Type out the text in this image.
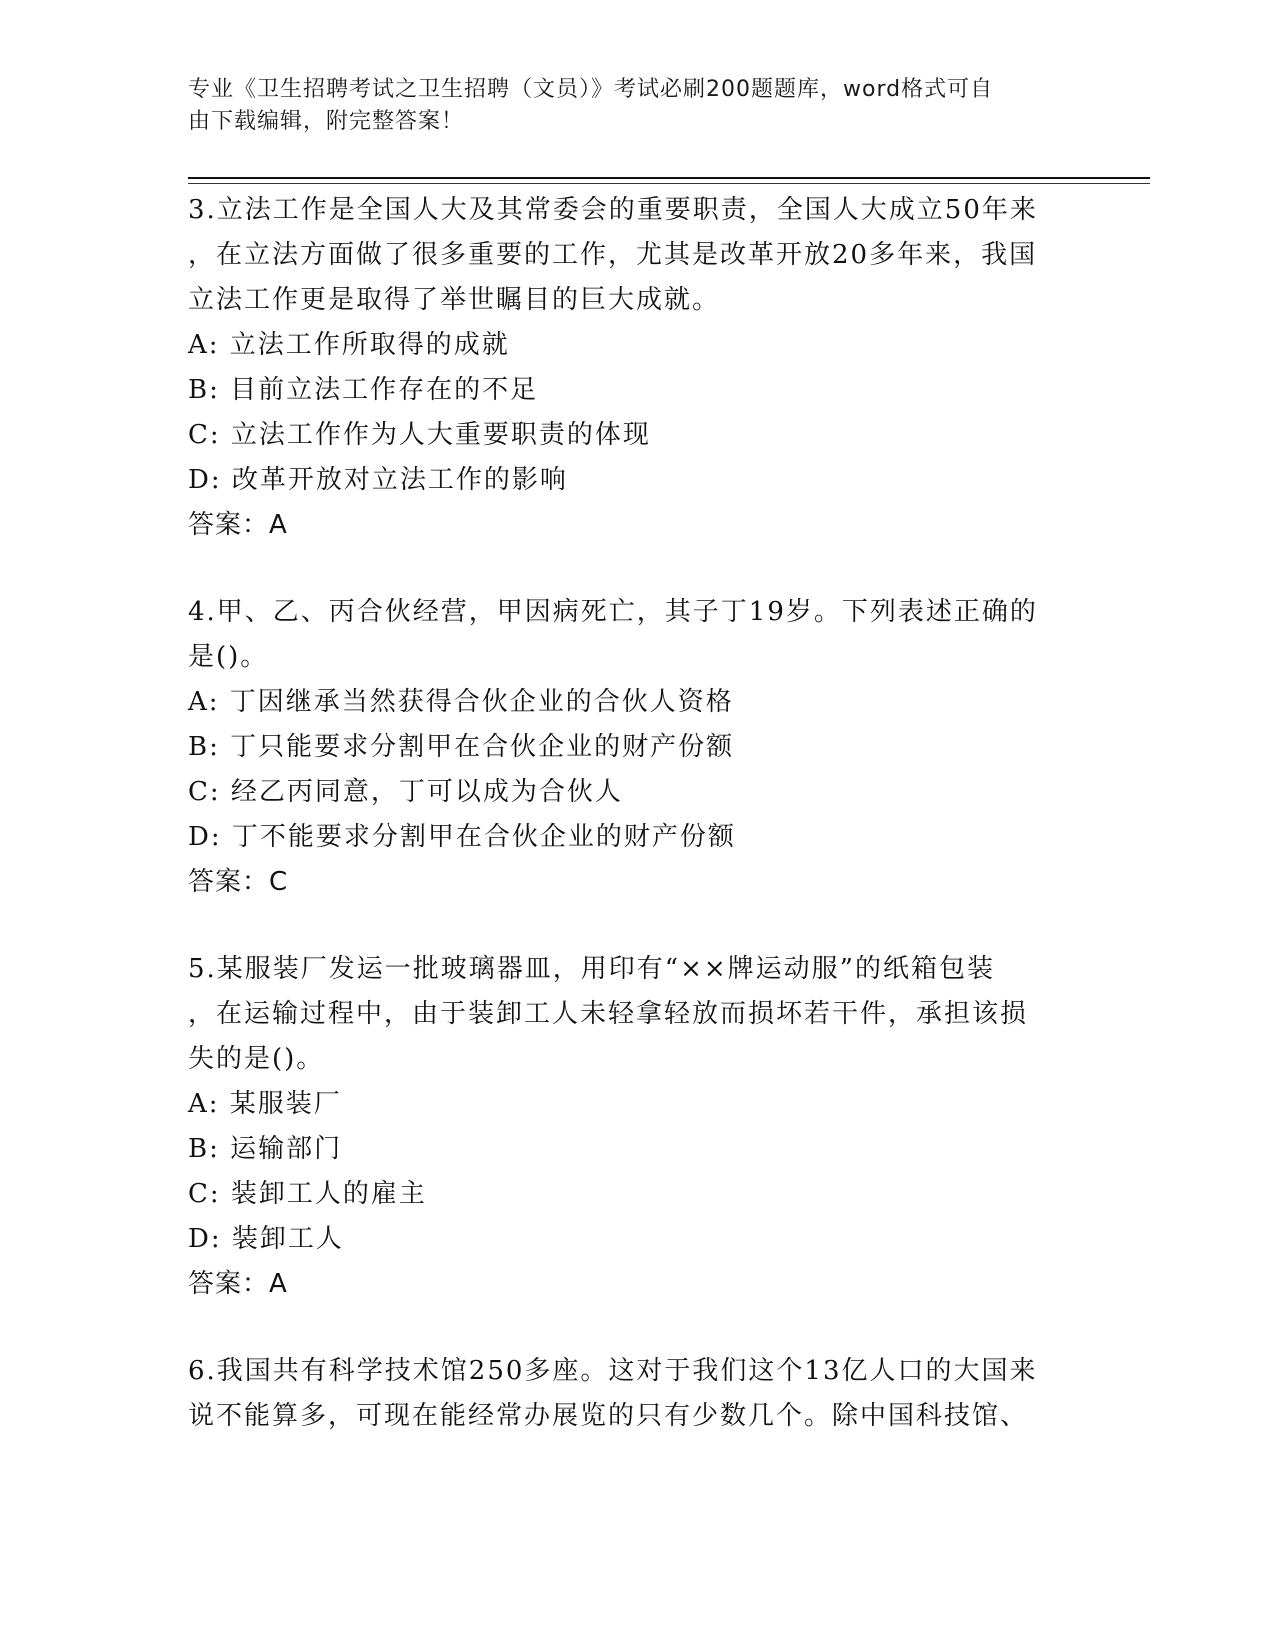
专业《卫生招聘考试之卫生招聘（文员）》考试必刷200题题库，word格式可自
由下载编辑，附完整答案！
3.立法工作是全国人大及其常委会的重要职责，全国人大成立50年来
，在立法方面做了很多重要的工作，尤其是改革开放20多年来，我国
立法工作更是取得了举世瞩目的巨大成就。
A: 立法工作所取得的成就
B: 目前立法工作存在的不足
C: 立法工作作为人大重要职责的体现
D: 改革开放对立法工作的影响
答案：A
4.甲、乙、丙合伙经营，甲因病死亡，其子丁19岁。下列表述正确的
是()。
A: 丁因继承当然获得合伙企业的合伙人资格
B: 丁只能要求分割甲在合伙企业的财产份额
C: 经乙丙同意，丁可以成为合伙人
D: 丁不能要求分割甲在合伙企业的财产份额
答案：C
5.某服装厂发运一批玻璃器皿，用印有“××牌运动服”的纸箱包装
，在运输过程中，由于装卸工人未轻拿轻放而损坏若干件，承担该损
失的是()。
A: 某服装厂
B: 运输部门
C: 装卸工人的雇主
D: 装卸工人
答案：A
6.我国共有科学技术馆250多座。这对于我们这个13亿人口的大国来
说不能算多，可现在能经常办展览的只有少数几个。除中国科技馆、
